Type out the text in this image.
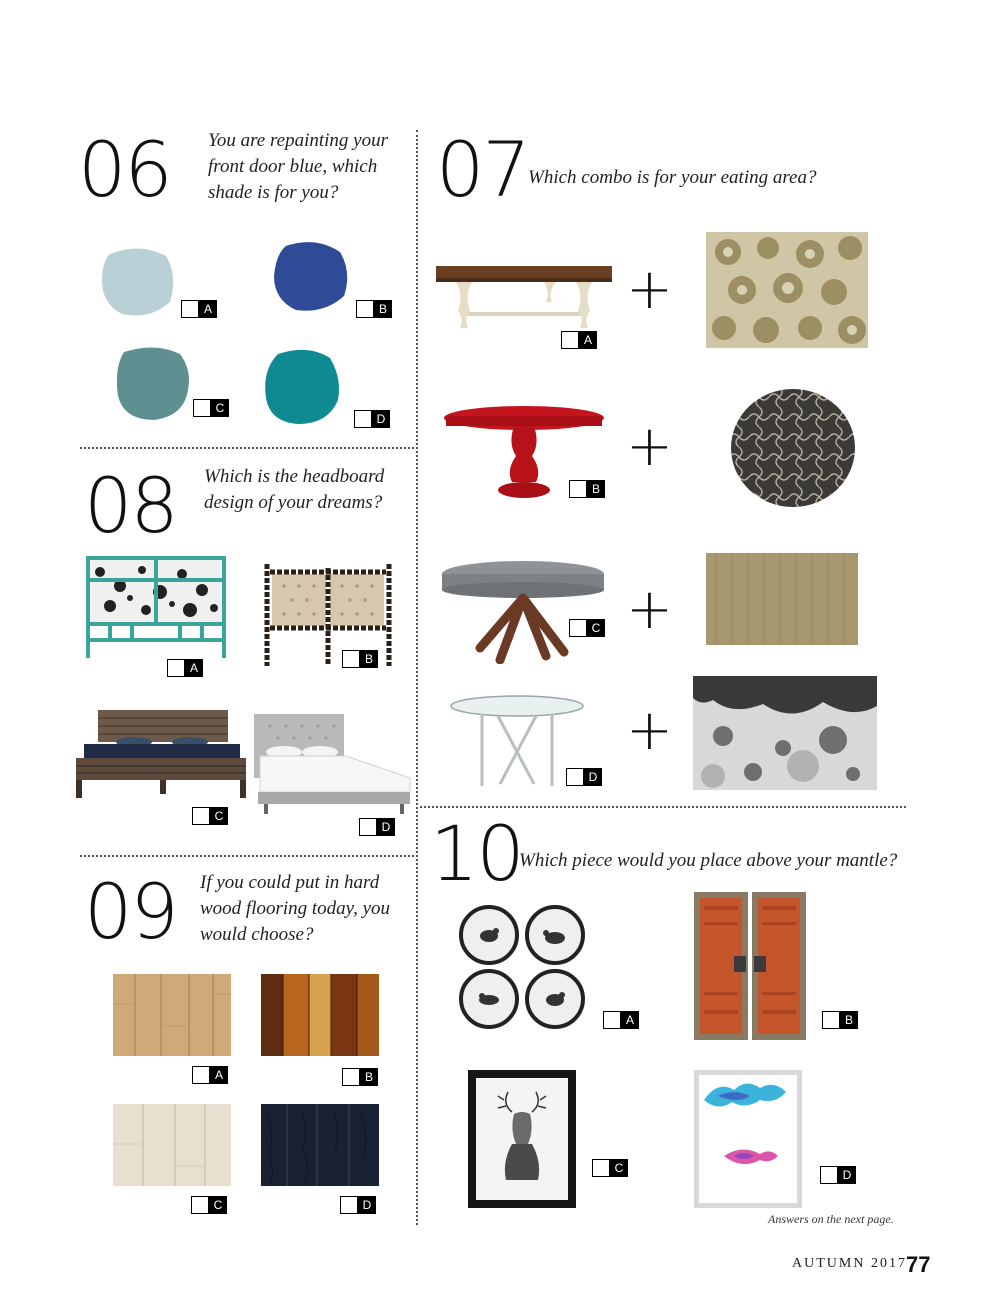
06 You are repainting your front door blue, which shade is for you?
A	B
C
D
07 Which combo is for your eating area?
+
A
+
B
+
C
+
D
08 Which is the headboard design of your dreams?
A
B
C
D
09 If you could put in hard wood flooring today, you would choose?
A	B
C	D
10
Which piece would you place above your mantle?
A	B
C	D
Answers on the next page.
AUTUMN 2017 77
